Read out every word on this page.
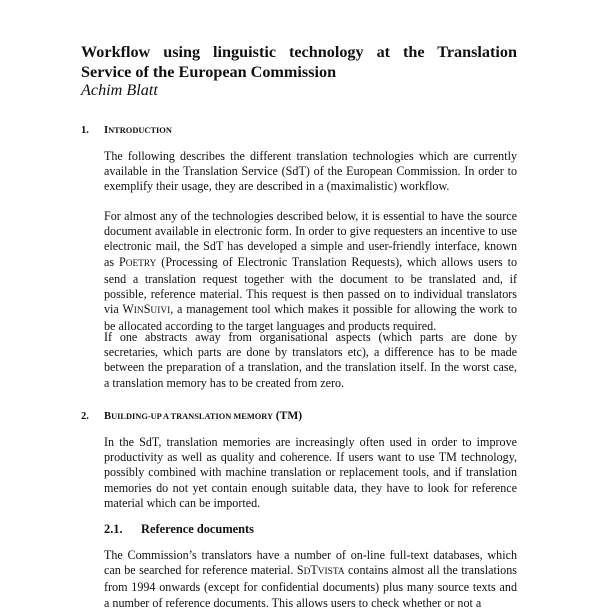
Workflow using linguistic technology at the Translation Service of the European Commission

Achim Blatt

1. INTRODUCTION

The following describes the different translation technologies which are currently available in the Translation Service (SdT) of the European Commission. In order to exemplify their usage, they are described in a (maximalistic) workflow.

For almost any of the technologies described below, it is essential to have the source document available in electronic form. In order to give requesters an incentive to use electronic mail, the SdT has developed a simple and user-friendly interface, known as POETRY (Processing of Electronic Translation Requests), which allows users to send a translation request together with the document to be translated and, if possible, reference material. This request is then passed on to individual translators via WINSUIVI, a management tool which makes it possible for allowing the work to be allocated according to the target languages and products required.

If one abstracts away from organisational aspects (which parts are done by secretaries, which parts are done by translators etc), a difference has to be made between the preparation of a translation, and the translation itself. In the worst case, a translation memory has to be created from zero.

2. BUILDING-UP A TRANSLATION MEMORY (TM)

In the SdT, translation memories are increasingly often used in order to improve productivity as well as quality and coherence. If users want to use TM technology, possibly combined with machine translation or replacement tools, and if translation memories do not yet contain enough suitable data, they have to look for reference material which can be imported.

2.1. Reference documents

The Commission’s translators have a number of on-line full-text databases, which can be searched for reference material. SDTVISTA contains almost all the translations from 1994 onwards (except for confidential documents) plus many source texts and a number of reference documents. This allows users to check whether or not a
